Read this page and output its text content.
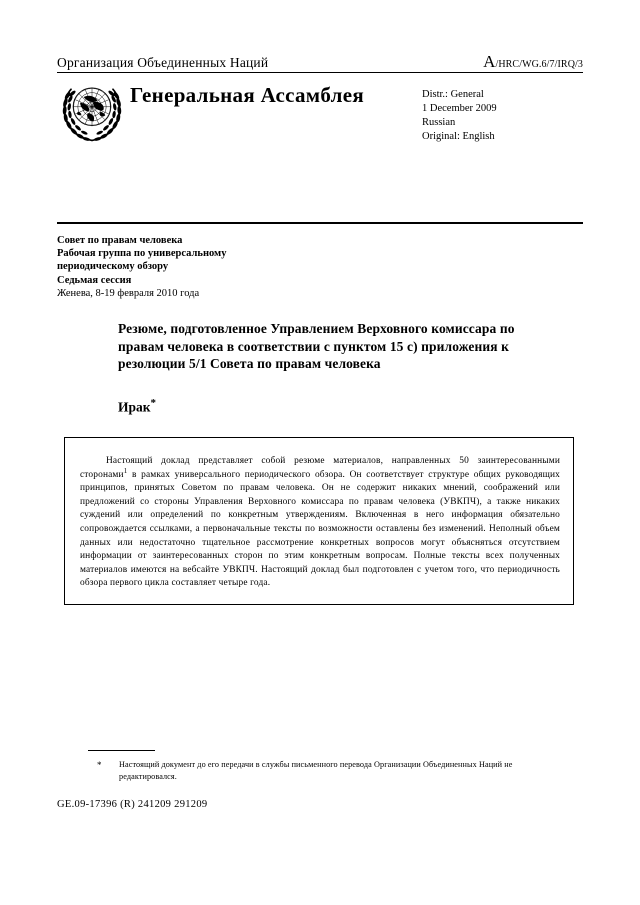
Организация Объединенных Наций	A/HRC/WG.6/7/IRQ/3
Генеральная Ассамблея	Distr.: General
1 December 2009
Russian
Original: English
Совет по правам человека
Рабочая группа по универсальному
периодическому обзору
Седьмая сессия
Женева, 8-19 февраля 2010 года
Резюме, подготовленное Управлением Верховного комиссара по правам человека в соответствии с пунктом 15 c) приложения к резолюции 5/1 Совета по правам человека
Ирак*
Настоящий доклад представляет собой резюме материалов, направленных 50 заинтересованными сторонами$^1$ в рамках универсального периодического обзора. Он соответствует структуре общих руководящих принципов, принятых Советом по правам человека. Он не содержит никаких мнений, соображений или предложений со стороны Управления Верховного комиссара по правам человека (УВКПЧ), а также никаких суждений или определений по конкретным утверждениям. Включенная в него информация обязательно сопровождается ссылками, а первоначальные тексты по возможности оставлены без изменений. Неполный объем данных или недостаточно тщательное рассмотрение конкретных вопросов могут объясняться отсутствием информации от заинтересованных сторон по этим конкретным вопросам. Полные тексты всех полученных материалов имеются на вебсайте УВКПЧ. Настоящий доклад был подготовлен с учетом того, что периодичность обзора первого цикла составляет четыре года.
*	Настоящий документ до его передачи в службы письменного перевода Организации Объединенных Наций не редактировался.
GE.09-17396 (R) 241209 291209
